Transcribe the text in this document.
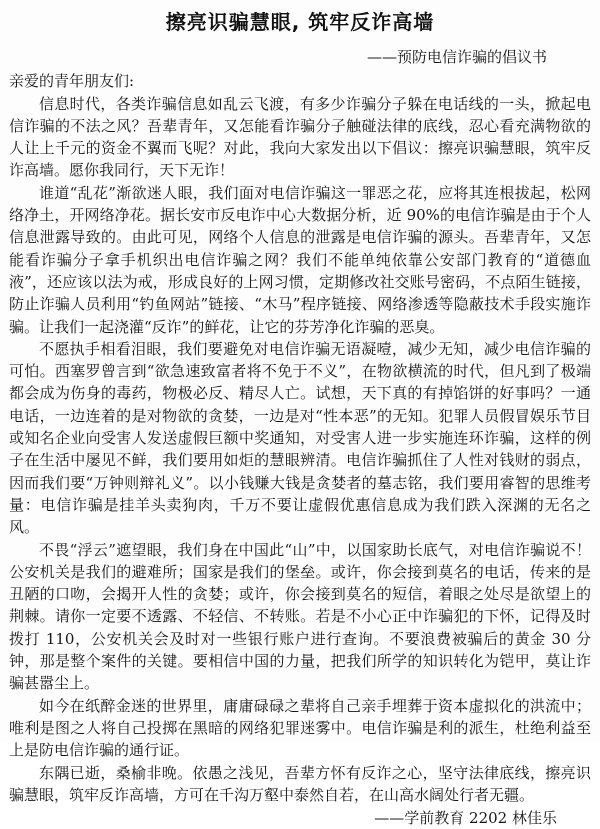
擦亮识骗慧眼, 筑牢反诈高墙
——预防电信诈骗的倡议书

亲爱的青年朋友们:

信息时代，各类诈骗信息如乱云飞渡，有多少诈骗分子躲在电话线的一头，掀起电信诈骗的不法之风？吾辈青年，又怎能看诈骗分子触碰法律的底线，忍心看充满物欲的人让上千元的资金不翼而飞呢？对此，我向大家发出以下倡议：擦亮识骗慧眼，筑牢反诈高墙。愿你我同行，天下无诈！

谁道“乱花”渐欲迷人眼，我们面对电信诈骗这一罪恶之花，应将其连根拔起，松网络净土，开网络净花。据长安市反电诈中心大数据分析，近 90%的电信诈骗是由于个人信息泄露导致的。由此可见，网络个人信息的泄露是电信诈骗的源头。吾辈青年，又怎能看诈骗分子拿手机织出电信诈骗之网？我们不能单纯依靠公安部门教育的“道德血液”，还应该以法为戒，形成良好的上网习惯，定期修改社交账号密码，不点陌生链接，防止诈骗人员利用“钓鱼网站”链接、“木马”程序链接、网络渗透等隐蔽技术手段实施诈骗。让我们一起浇灌“反诈”的鲜花，让它的芬芳净化诈骗的恶臭。

不愿执手相看泪眼，我们要避免对电信诈骗无语凝噎，减少无知，减少电信诈骗的可怕。西塞罗曾言到“欲急速致富者将不免于不义”，在物欲横流的时代，但凡到了极端都会成为伤身的毒药，物极必反、精尽人亡。试想，天下真的有掉馅饼的好事吗？一通电话，一边连着的是对物欲的贪婪，一边是对“性本恶”的无知。犯罪人员假冒娱乐节目或知名企业向受害人发送虚假巨额中奖通知，对受害人进一步实施连环诈骗，这样的例子在生活中屡见不鲜，我们要用如炬的慧眼辨清。电信诈骗抓住了人性对钱财的弱点，因而我们要“万钟则辩礼义”。以小钱赚大钱是贪婪者的墓志铭，我们要用睿智的思维考量：电信诈骗是挂羊头卖狗肉，千万不要让虚假优惠信息成为我们跌入深渊的无名之风。

不畏“浮云”遮望眼，我们身在中国此“山”中，以国家助长底气，对电信诈骗说不！公安机关是我们的避难所；国家是我们的堡垒。或许，你会接到莫名的电话，传来的是丑陋的口吻，会揭开人性的贪婪；或许，你会接到莫名的短信，着眼之处尽是欲望上的荆棘。请你一定要不透露、不轻信、不转账。若是不小心正中诈骗犯的下怀，记得及时拨打 110，公安机关会及时对一些银行账户进行查询。不要浪费被骗后的黄金 30 分钟，那是整个案件的关键。要相信中国的力量，把我们所学的知识转化为铠甲，莫让诈骗甚嚣尘上。

如今在纸醉金迷的世界里，庸庸碌碌之辈将自己亲手埋葬于资本虚拟化的洪流中；唯利是图之人将自己投掷在黑暗的网络犯罪迷雾中。电信诈骗是利的派生，杜绝利益至上是防电信诈骗的通行证。

东隅已逝，桑榆非晚。依愚之浅见，吾辈方怀有反诈之心，坚守法律底线，擦亮识骗慧眼，筑牢反诈高墙，方可在千沟万壑中泰然自若，在山高水阔处行者无疆。

——学前教育 2202 林佳乐
